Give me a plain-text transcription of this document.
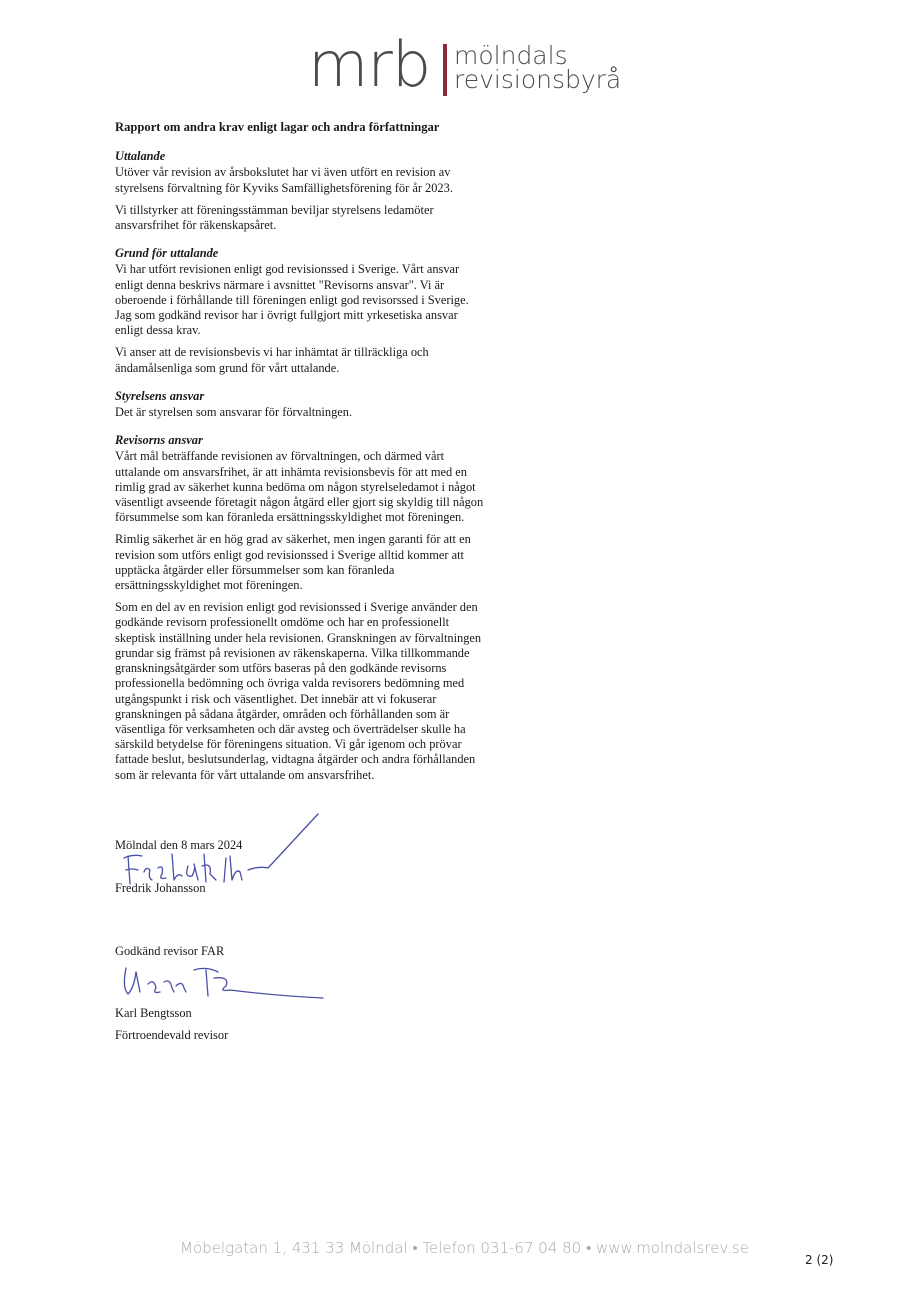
mrb mölndals
revisionsbyrå
Rapport om andra krav enligt lagar och andra författningar
Uttalande

Utöver vår revision av årsbokslutet har vi även utfört en revision av styrelsens förvaltning för Kyviks Samfällighetsförening för år 2023.

Vi tillstyrker att föreningsstämman beviljar styrelsens ledamöter ansvarsfrihet för räkenskapsåret.

Grund för uttalande

Vi har utfört revisionen enligt god revisionssed i Sverige. Vårt ansvar enligt denna beskrivs närmare i avsnittet "Revisorns ansvar". Vi är oberoende i förhållande till föreningen enligt god revisorssed i Sverige. Jag som godkänd revisor har i övrigt fullgjort mitt yrkesetiska ansvar enligt dessa krav.

Vi anser att de revisionsbevis vi har inhämtat är tillräckliga och ändamålsenliga som grund för vårt uttalande.

Styrelsens ansvar

Det är styrelsen som ansvarar för förvaltningen.

Revisorns ansvar

Vårt mål beträffande revisionen av förvaltningen, och därmed vårt uttalande om ansvarsfrihet, är att inhämta revisionsbevis för att med en rimlig grad av säkerhet kunna bedöma om någon styrelseledamot i något väsentligt avseende företagit någon åtgärd eller gjort sig skyldig till någon försummelse som kan föranleda ersättningsskyldighet mot föreningen.

Rimlig säkerhet är en hög grad av säkerhet, men ingen garanti för att en revision som utförs enligt god revisionssed i Sverige alltid kommer att upptäcka åtgärder eller försummelser som kan föranleda ersättningsskyldighet mot föreningen.

Som en del av en revision enligt god revisionssed i Sverige använder den godkände revisorn professionellt omdöme och har en professionellt skeptisk inställning under hela revisionen. Granskningen av förvaltningen grundar sig främst på revisionen av räkenskaperna. Vilka tillkommande granskningsåtgärder som utförs baseras på den godkände revisorns professionella bedömning och övriga valda revisorers bedömning med utgångspunkt i risk och väsentlighet. Det innebär att vi fokuserar granskningen på sådana åtgärder, områden och förhållanden som är väsentliga för verksamheten och där avsteg och överträdelser skulle ha särskild betydelse för föreningens situation. Vi går igenom och prövar fattade beslut, beslutsunderlag, vidtagna åtgärder och andra förhållanden som är relevanta för vårt uttalande om ansvarsfrihet.

Mölndal den 8 mars 2024
Fredrik Johansson
Godkänd revisor FAR
Karl Bengtsson
Förtroendevald revisor
Möbelgatan 1, 431 33 Mölndal • Telefon 031-67 04 80 • www.molndalsrev.se
2 (2)
